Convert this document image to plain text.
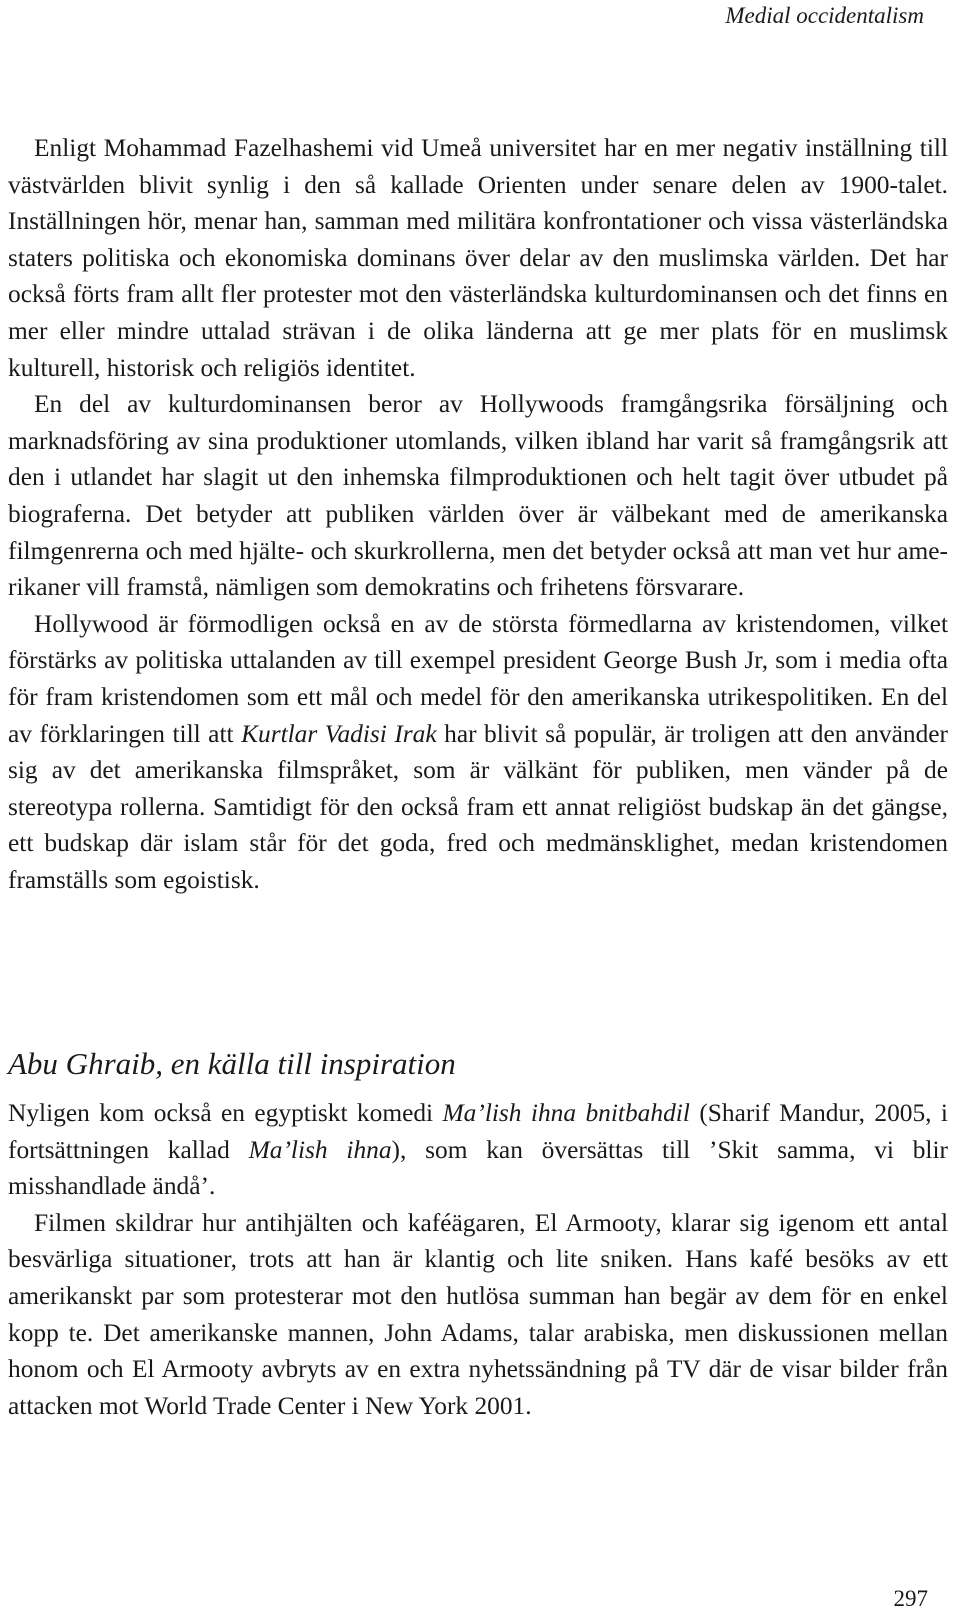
Medial occidentalism

Enligt Mohammad Fazelhashemi vid Umeå universitet har en mer negativ inställning till västvärlden blivit synlig i den så kallade Orienten under senare delen av 1900-talet. Inställningen hör, menar han, samman med militära konfrontationer och vissa västerländska staters politiska och ekonomiska dominans över delar av den muslimska världen. Det har också förts fram allt fler protester mot den västerländska kulturdominansen och det finns en mer eller mindre uttalad strävan i de olika länderna att ge mer plats för en muslimsk kulturell, historisk och religiös identitet.

En del av kulturdominansen beror av Hollywoods framgångsrika försäljning och marknadsföring av sina produktioner utomlands, vilken ibland har varit så framgångsrik att den i utlandet har slagit ut den inhemska filmproduktionen och helt tagit över utbudet på biograferna. Det betyder att publiken världen över är välbekant med de amerikanska filmgenrerna och med hjälte- och skurkrollerna, men det betyder också att man vet hur amerikaner vill framstå, nämligen som demokratins och frihetens försvarare.

Hollywood är förmodligen också en av de största förmedlarna av kristendomen, vilket förstärks av politiska uttalanden av till exempel president George Bush Jr, som i media ofta för fram kristendomen som ett mål och medel för den amerikanska utrikespolitiken. En del av förklaringen till att Kurtlar Vadisi Irak har blivit så populär, är troligen att den använder sig av det amerikanska filmspråket, som är välkänt för publiken, men vänder på de stereotypa rollerna. Samtidigt för den också fram ett annat religiöst budskap än det gängse, ett budskap där islam står för det goda, fred och medmänsklighet, medan kristendomen framställs som egoistisk.

Abu Ghraib, en källa till inspiration

Nyligen kom också en egyptiskt komedi Ma’lish ihna bnitbahdil (Sharif Mandur, 2005, i fortsättningen kallad Ma’lish ihna), som kan översättas till ’Skit samma, vi blir misshandlade ändå’.

Filmen skildrar hur antihjälten och kaféägaren, El Armooty, klarar sig igenom ett antal besvärliga situationer, trots att han är klantig och lite sniken. Hans kafé besöks av ett amerikanskt par som protesterar mot den hutlösa summan han begär av dem för en enkel kopp te. Det amerikanske mannen, John Adams, talar arabiska, men diskussionen mellan honom och El Armooty avbryts av en extra nyhetssändning på TV där de visar bilder från attacken mot World Trade Center i New York 2001.

297
